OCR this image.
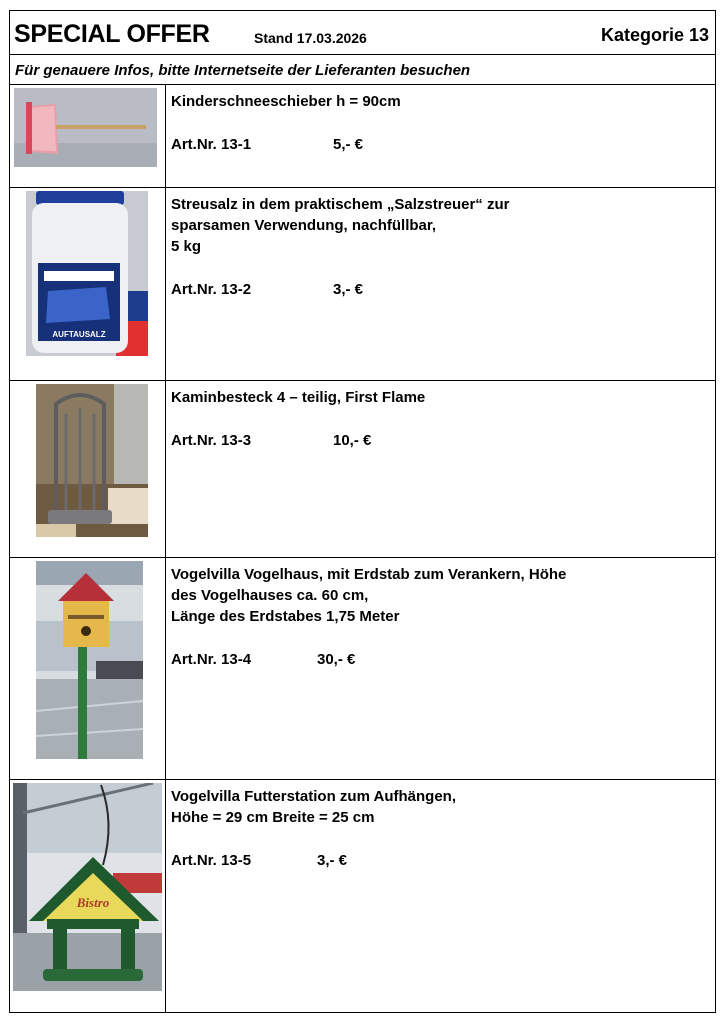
SPECIAL OFFER	Stand 17.03.2026	Kategorie 13
Für genauere Infos, bitte Internetseite der Lieferanten besuchen
Kinderschneeschieber h = 90cm
Art.Nr. 13-1	5,- €
AUFTAUSALZ
Streusalz in dem praktischem „Salzstreuer“ zur
sparsamen Verwendung, nachfüllbar,
5 kg
Art.Nr. 13-2	3,- €
Kaminbesteck 4 – teilig, First Flame
Art.Nr. 13-3	10,- €
Vogelvilla Vogelhaus, mit Erdstab zum Verankern, Höhe
des Vogelhauses ca. 60 cm,
Länge des Erdstabes 1,75 Meter
Art.Nr. 13-4	30,- €
Bistro
Vogelvilla Futterstation zum Aufhängen,
Höhe = 29 cm Breite = 25 cm
Art.Nr. 13-5	3,- €
